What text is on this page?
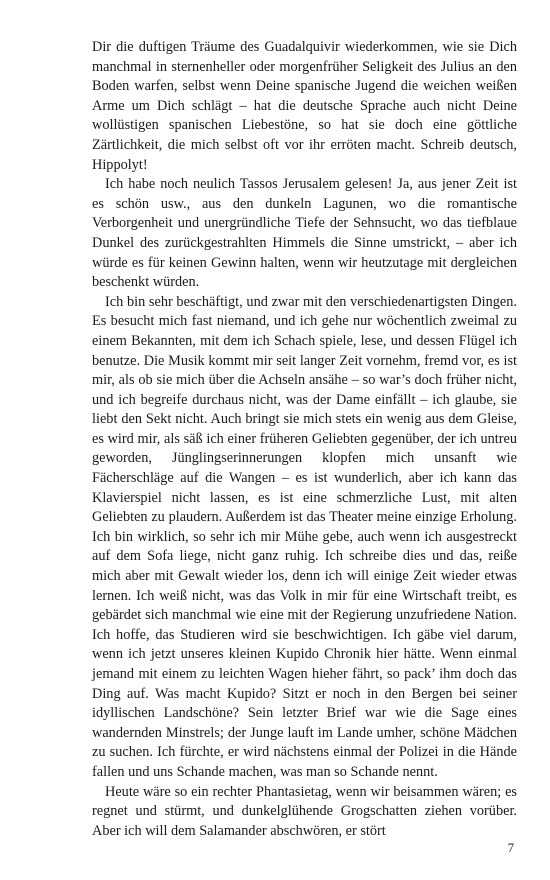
Dir die duftigen Träume des Guadalquivir wiederkommen, wie sie Dich manchmal in sternenheller oder morgenfrüher Seligkeit des Julius an den Boden warfen, selbst wenn Deine spanische Jugend die weichen weißen Arme um Dich schlägt – hat die deutsche Sprache auch nicht Deine wollüstigen spanischen Liebestöne, so hat sie doch eine göttliche Zärtlichkeit, die mich selbst oft vor ihr erröten macht. Schreib deutsch, Hippolyt!

Ich habe noch neulich Tassos Jerusalem gelesen! Ja, aus jener Zeit ist es schön usw., aus den dunkeln Lagunen, wo die romantische Verborgenheit und unergründliche Tiefe der Sehnsucht, wo das tiefblaue Dunkel des zurückgestrahlten Himmels die Sinne umstrickt, – aber ich würde es für keinen Gewinn halten, wenn wir heutzutage mit dergleichen beschenkt würden.

Ich bin sehr beschäftigt, und zwar mit den verschiedenartigsten Dingen. Es besucht mich fast niemand, und ich gehe nur wöchentlich zweimal zu einem Bekannten, mit dem ich Schach spiele, lese, und dessen Flügel ich benutze. Die Musik kommt mir seit langer Zeit vornehm, fremd vor, es ist mir, als ob sie mich über die Achseln ansähe – so war’s doch früher nicht, und ich begreife durchaus nicht, was der Dame einfällt – ich glaube, sie liebt den Sekt nicht. Auch bringt sie mich stets ein wenig aus dem Gleise, es wird mir, als säß ich einer früheren Geliebten gegenüber, der ich untreu geworden, Jünglingserinnerungen klopfen mich unsanft wie Fächerschläge auf die Wangen – es ist wunderlich, aber ich kann das Klavierspiel nicht lassen, es ist eine schmerzliche Lust, mit alten Geliebten zu plaudern. Außerdem ist das Theater meine einzige Erholung. Ich bin wirklich, so sehr ich mir Mühe gebe, auch wenn ich ausgestreckt auf dem Sofa liege, nicht ganz ruhig. Ich schreibe dies und das, reiße mich aber mit Gewalt wieder los, denn ich will einige Zeit wieder etwas lernen. Ich weiß nicht, was das Volk in mir für eine Wirtschaft treibt, es gebärdet sich manchmal wie eine mit der Regierung unzufriedene Nation. Ich hoffe, das Studieren wird sie beschwichtigen. Ich gäbe viel darum, wenn ich jetzt unseres kleinen Kupido Chronik hier hätte. Wenn einmal jemand mit einem zu leichten Wagen hieher fährt, so pack’ ihm doch das Ding auf. Was macht Kupido? Sitzt er noch in den Bergen bei seiner idyllischen Landschöne? Sein letzter Brief war wie die Sage eines wandernden Minstrels; der Junge lauft im Lande umher, schöne Mädchen zu suchen. Ich fürchte, er wird nächstens einmal der Polizei in die Hände fallen und uns Schande machen, was man so Schande nennt.

Heute wäre so ein rechter Phantasietag, wenn wir beisammen wären; es regnet und stürmt, und dunkelglühende Grogschatten ziehen vorüber. Aber ich will dem Salamander abschwören, er stört

7
